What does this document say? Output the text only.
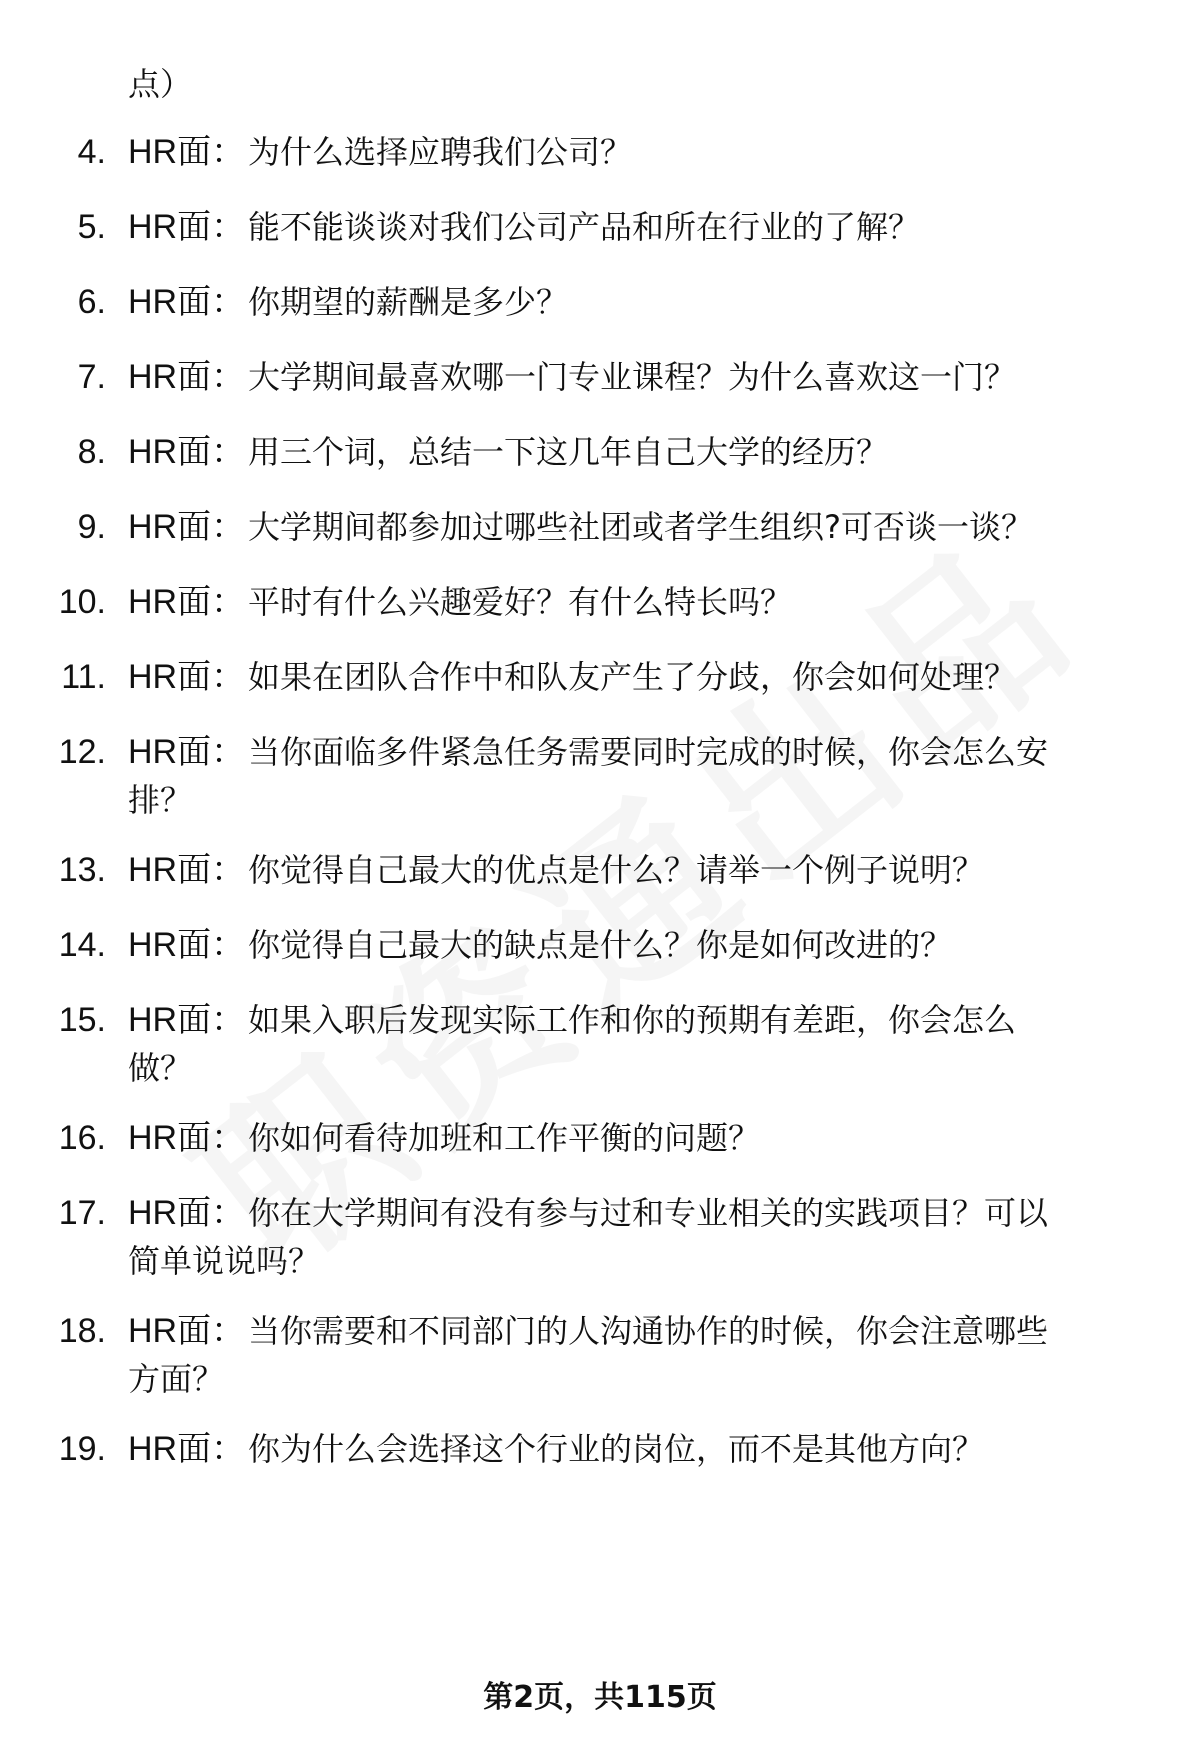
点）
4. HR面： 为什么选择应聘我们公司？
5. HR面： 能不能谈谈对我们公司产品和所在行业的了解？
6. HR面： 你期望的薪酬是多少？
7. HR面： 大学期间最喜欢哪一门专业课程？为什么喜欢这一门？
8. HR面： 用三个词，总结一下这几年自己大学的经历？
9. HR面： 大学期间都参加过哪些社团或者学生组织?可否谈一谈？
10. HR面： 平时有什么兴趣爱好？有什么特长吗？
11. HR面： 如果在团队合作中和队友产生了分歧，你会如何处理？
12. HR面： 当你面临多件紧急任务需要同时完成的时候，你会怎么安
排？
13. HR面： 你觉得自己最大的优点是什么？请举一个例子说明？
14. HR面： 你觉得自己最大的缺点是什么？你是如何改进的？
15. HR面： 如果入职后发现实际工作和你的预期有差距，你会怎么
做？
16. HR面： 你如何看待加班和工作平衡的问题？
17. HR面： 你在大学期间有没有参与过和专业相关的实践项目？可以
简单说说吗？
18. HR面： 当你需要和不同部门的人沟通协作的时候，你会注意哪些
方面？
19. HR面： 你为什么会选择这个行业的岗位，而不是其他方向？
第2页，共115页
